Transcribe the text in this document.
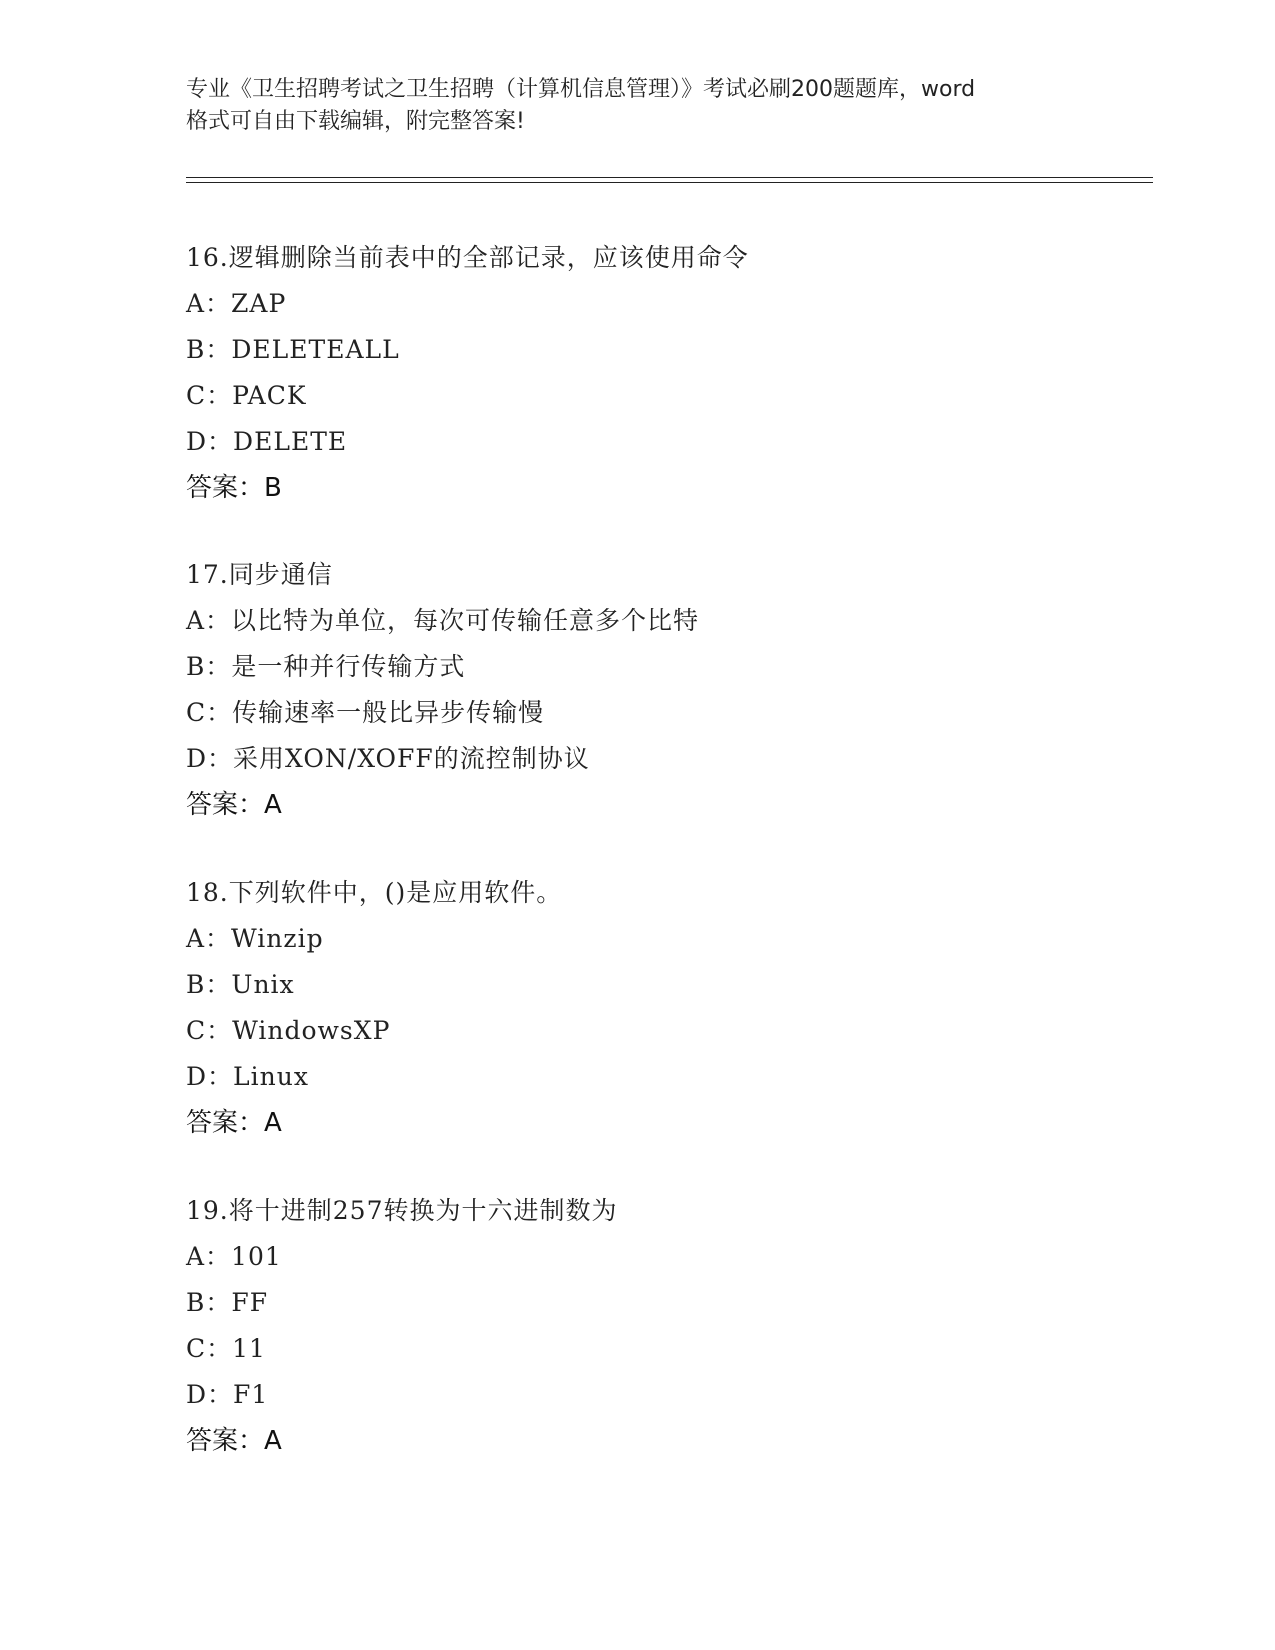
专业《卫生招聘考试之卫生招聘（计算机信息管理）》考试必刷200题题库，word
格式可自由下载编辑，附完整答案!
16.逻辑删除当前表中的全部记录，应该使用命令
A：ZAP
B：DELETEALL
C：PACK
D：DELETE
答案：B
17.同步通信
A：以比特为单位，每次可传输任意多个比特
B：是一种并行传输方式
C：传输速率一般比异步传输慢
D：采用XON/XOFF的流控制协议
答案：A
18.下列软件中，()是应用软件。
A：Winzip
B：Unix
C：WindowsXP
D：Linux
答案：A
19.将十进制257转换为十六进制数为
A：101
B：FF
C：11
D：F1
答案：A
